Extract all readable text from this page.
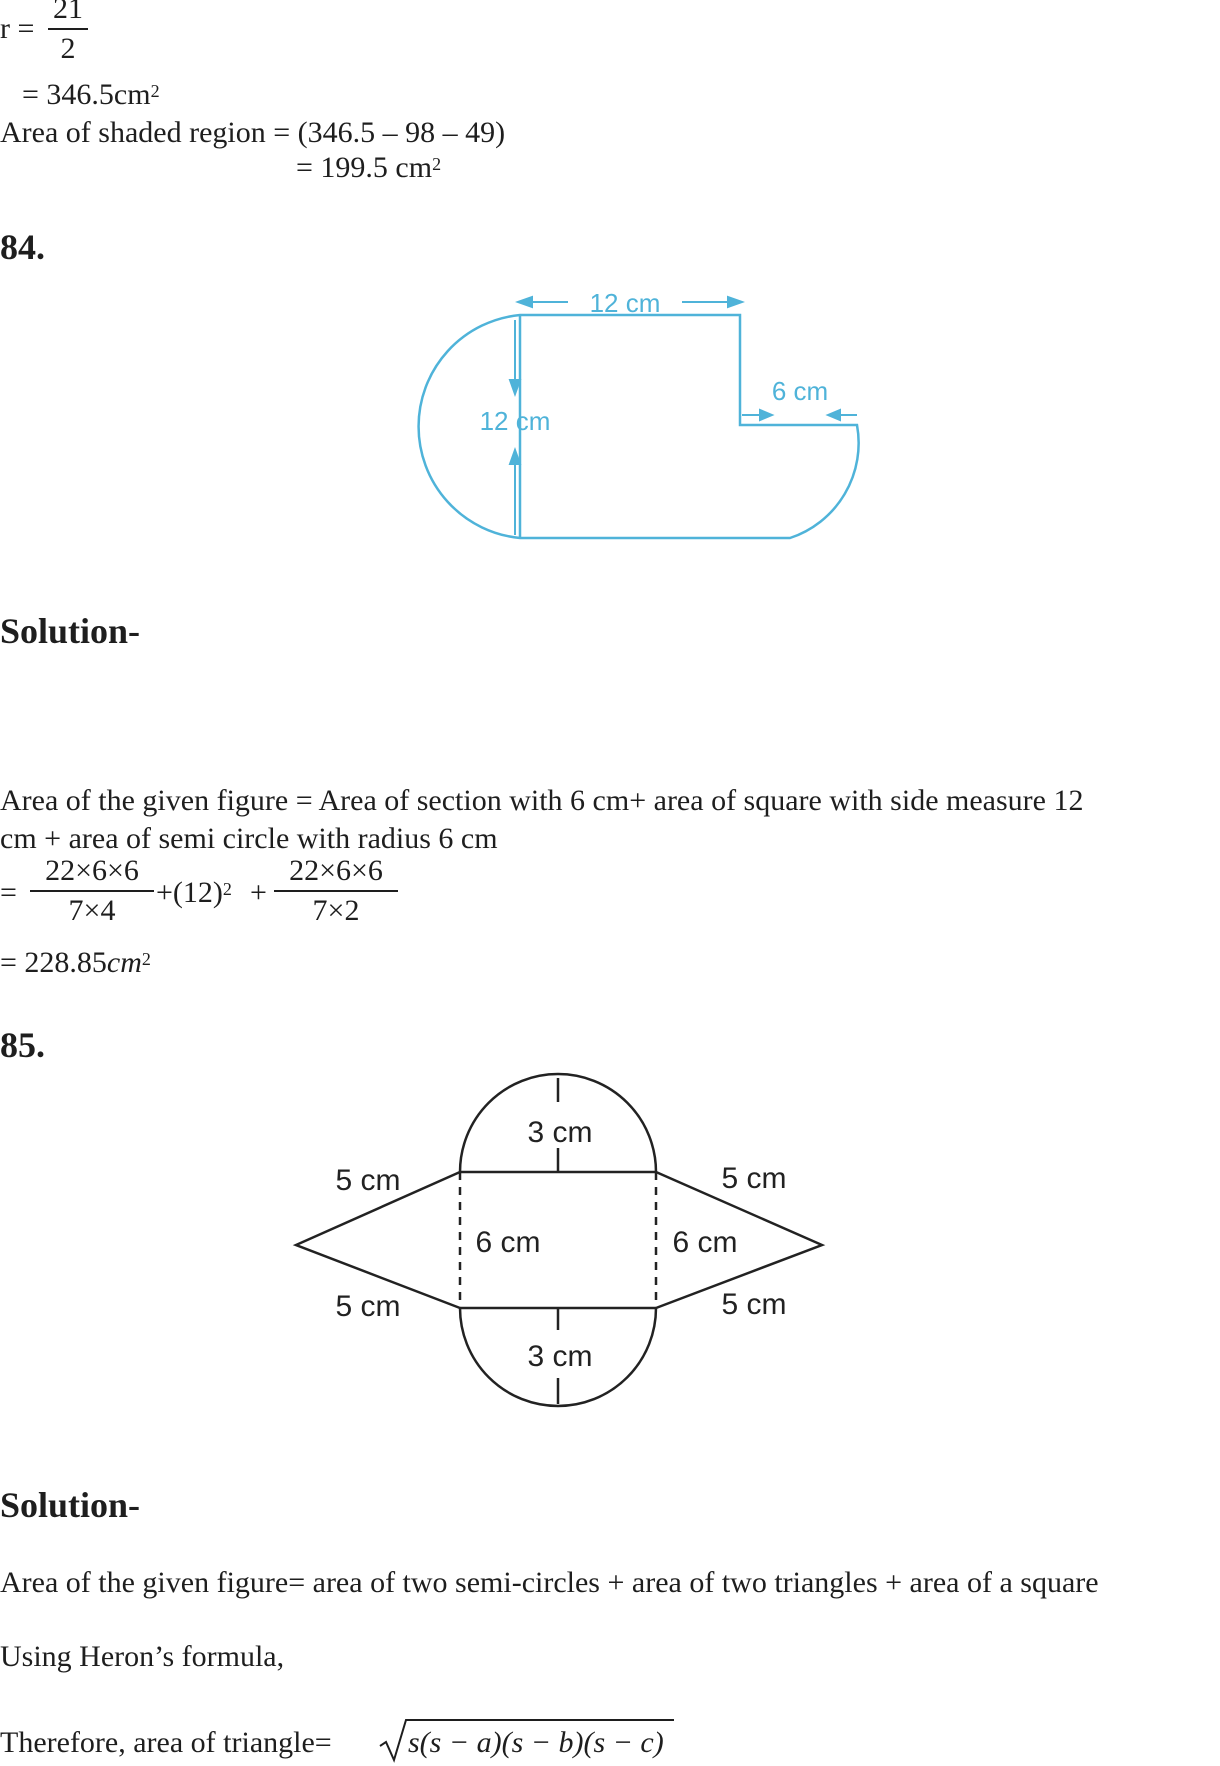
r =
21
2
= $346.5cm^2$
Area of shaded region = (346.5 – 98 – 49)
= 199.5 $cm^2$
84.
12 cm
12 cm
6 cm
Solution-
Area of the given figure = Area of section with 6 cm+ area of square with side measure 12
cm + area of semi circle with radius 6 cm
=
22×6×6
7×4
$+(12)^2$ +
22×6×6
7×2
= $228.85cm^2$
85.
3 cm
3 cm
6 cm	6 cm
5 cm
5 cm
5 cm
5 cm
Solution-
Area of the given figure= area of two semi-circles + area of two triangles + area of a square
Using Heron’s formula,
Therefore, area of triangle=	s(s − a)(s − b)(s − c)
